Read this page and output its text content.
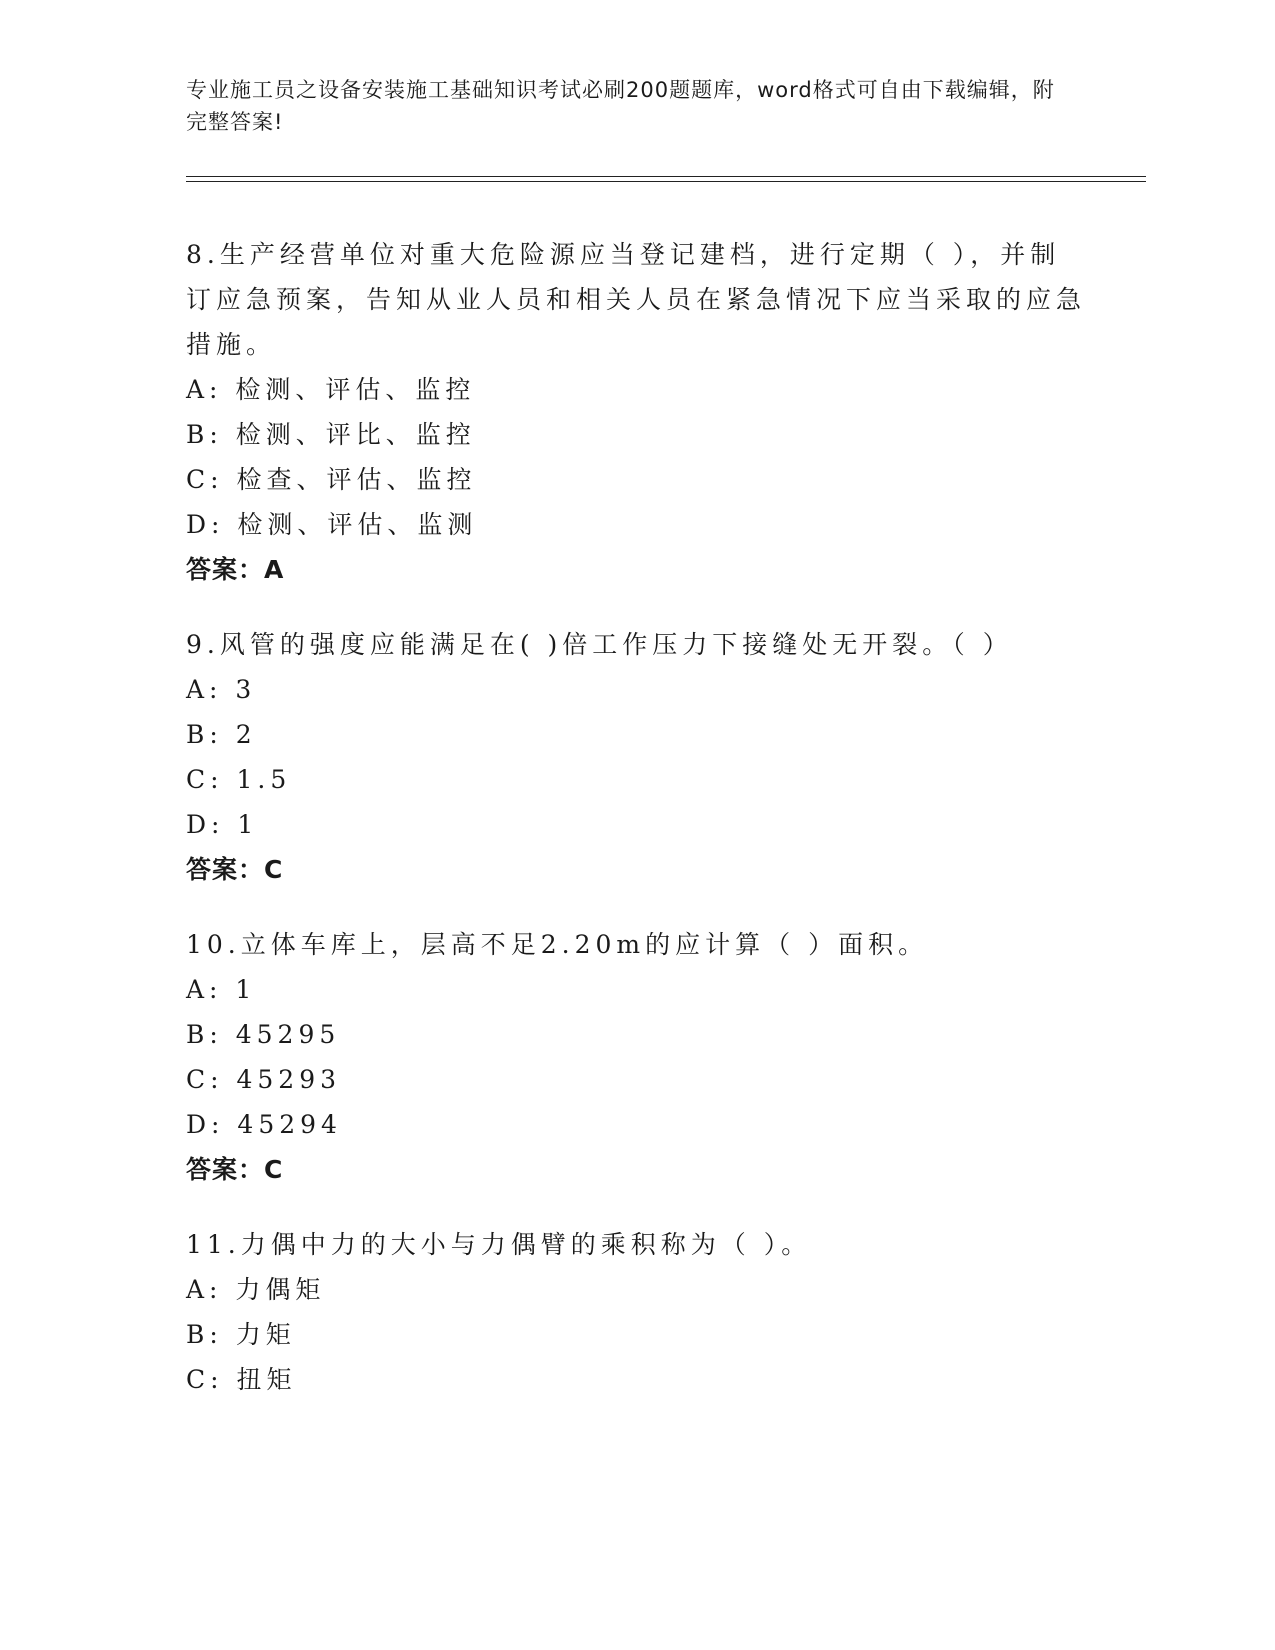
专业施工员之设备安装施工基础知识考试必刷200题题库，word格式可自由下载编辑，附完整答案!
8.生产经营单位对重大危险源应当登记建档，进行定期（ ），并制订应急预案，告知从业人员和相关人员在紧急情况下应当采取的应急措施。
A: 检测、评估、监控
B: 检测、评比、监控
C: 检查、评估、监控
D: 检测、评估、监测
答案：A
9.风管的强度应能满足在( )倍工作压力下接缝处无开裂。（ ）
A: 3
B: 2
C: 1.5
D: 1
答案：C
10.立体车库上，层高不足2.20m的应计算（ ）面积。
A: 1
B: 45295
C: 45293
D: 45294
答案：C
11.力偶中力的大小与力偶臂的乘积称为（ ）。
A: 力偶矩
B: 力矩
C: 扭矩
